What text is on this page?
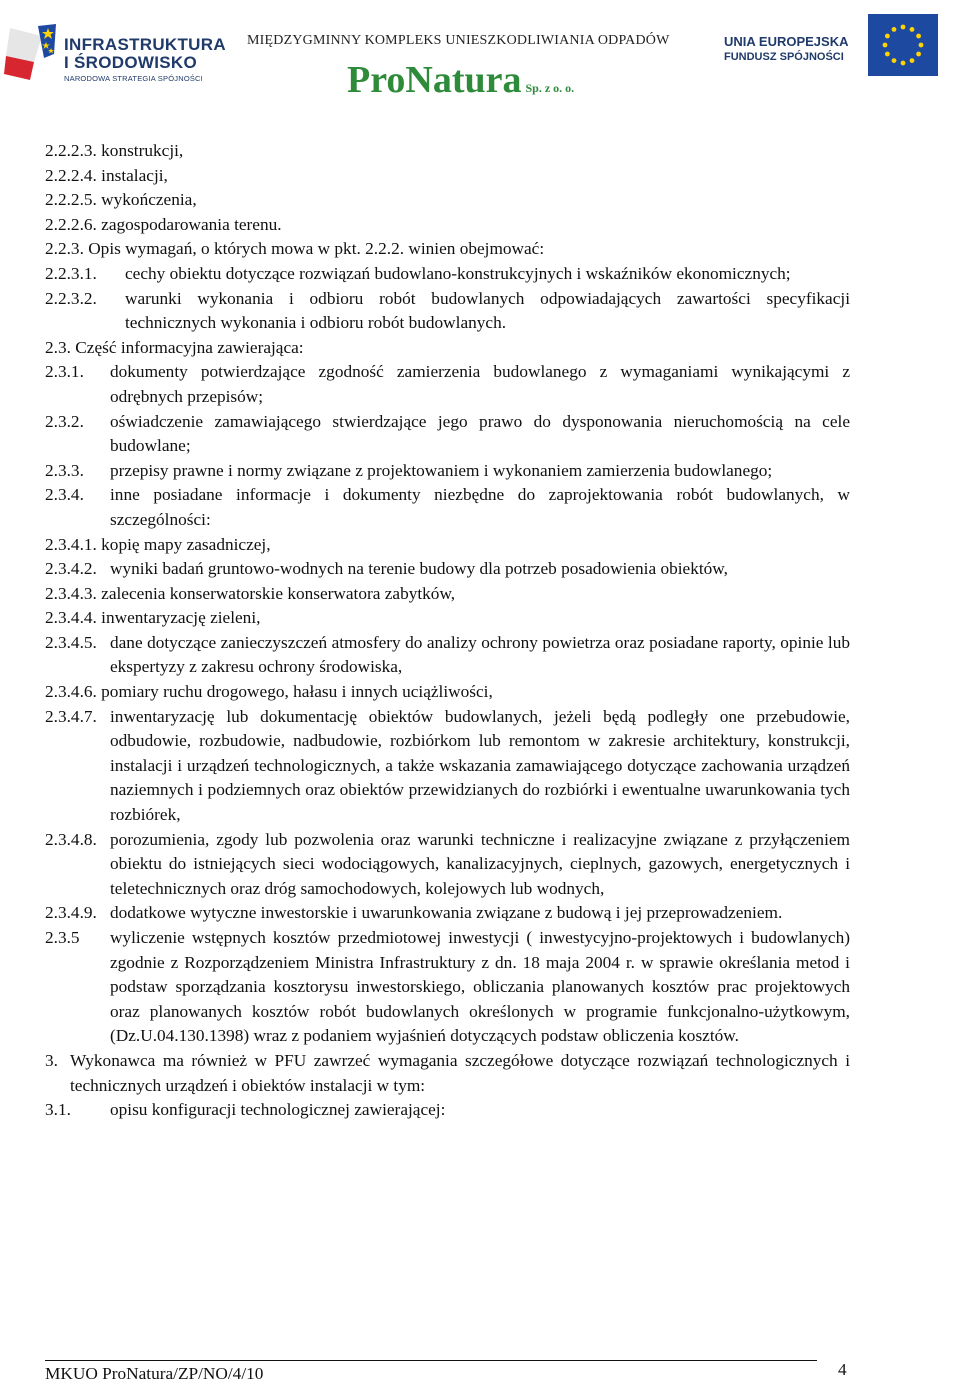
INFRASTRUKTURA
I ŚRODOWISKO
NARODOWA STRATEGIA SPÓJNOŚCI
MIĘDZYGMINNY KOMPLEKS UNIESZKODLIWIANIA ODPADÓW
ProNatura Sp. z o. o.
UNIA EUROPEJSKA
FUNDUSZ SPÓJNOŚCI
2.2.2.3. konstrukcji,
2.2.2.4. instalacji,
2.2.2.5. wykończenia,
2.2.2.6. zagospodarowania terenu.
2.2.3. Opis wymagań, o których mowa w pkt. 2.2.2. winien obejmować:
2.2.3.1.	cechy obiektu dotyczące rozwiązań budowlano-konstrukcyjnych i wskaźników ekonomicznych;
2.2.3.2.	warunki wykonania i odbioru robót budowlanych odpowiadających zawartości specyfikacji technicznych wykonania i odbioru robót budowlanych.
2.3. Część informacyjna zawierająca:
2.3.1.	dokumenty potwierdzające zgodność zamierzenia budowlanego z wymaganiami wynikającymi z odrębnych przepisów;
2.3.2.	oświadczenie zamawiającego stwierdzające jego prawo do dysponowania nieruchomością na cele budowlane;
2.3.3.	przepisy prawne i normy związane z projektowaniem i wykonaniem zamierzenia budowlanego;
2.3.4.	inne posiadane informacje i dokumenty niezbędne do zaprojektowania robót budowlanych, w szczególności:
2.3.4.1. kopię mapy zasadniczej,
2.3.4.2. wyniki badań gruntowo-wodnych na terenie budowy dla potrzeb posadowienia obiektów,
2.3.4.3. zalecenia konserwatorskie konserwatora zabytków,
2.3.4.4. inwentaryzację zieleni,
2.3.4.5. dane dotyczące zanieczyszczeń atmosfery do analizy ochrony powietrza oraz posiadane raporty, opinie lub ekspertyzy z zakresu ochrony środowiska,
2.3.4.6. pomiary ruchu drogowego, hałasu i innych uciążliwości,
2.3.4.7. inwentaryzację lub dokumentację obiektów budowlanych, jeżeli będą podległy one przebudowie, odbudowie, rozbudowie, nadbudowie, rozbiórkom lub remontom w zakresie architektury, konstrukcji, instalacji i urządzeń technologicznych, a także wskazania zamawiającego dotyczące zachowania urządzeń naziemnych i podziemnych oraz obiektów przewidzianych do rozbiórki i ewentualne uwarunkowania tych rozbiórek,
2.3.4.8. porozumienia, zgody lub pozwolenia oraz warunki techniczne i realizacyjne związane z przyłączeniem obiektu do istniejących sieci wodociągowych, kanalizacyjnych, cieplnych, gazowych, energetycznych i teletechnicznych oraz dróg samochodowych, kolejowych lub wodnych,
2.3.4.9. dodatkowe wytyczne inwestorskie i uwarunkowania związane z budową i jej przeprowadzeniem.
2.3.5	wyliczenie wstępnych kosztów przedmiotowej inwestycji ( inwestycyjno-projektowych i budowlanych) zgodnie z Rozporządzeniem Ministra Infrastruktury z dn. 18 maja 2004 r. w sprawie określania metod i podstaw sporządzania kosztorysu inwestorskiego, obliczania planowanych kosztów prac projektowych oraz planowanych kosztów robót budowlanych określonych w programie funkcjonalno-użytkowym, (Dz.U.04.130.1398) wraz z podaniem wyjaśnień dotyczących podstaw obliczenia kosztów.
3. Wykonawca ma również w PFU zawrzeć wymagania szczegółowe dotyczące rozwiązań technologicznych i technicznych urządzeń i obiektów instalacji w tym:
3.1.	opisu konfiguracji technologicznej zawierającej:
MKUO ProNatura/ZP/NO/4/10	4
